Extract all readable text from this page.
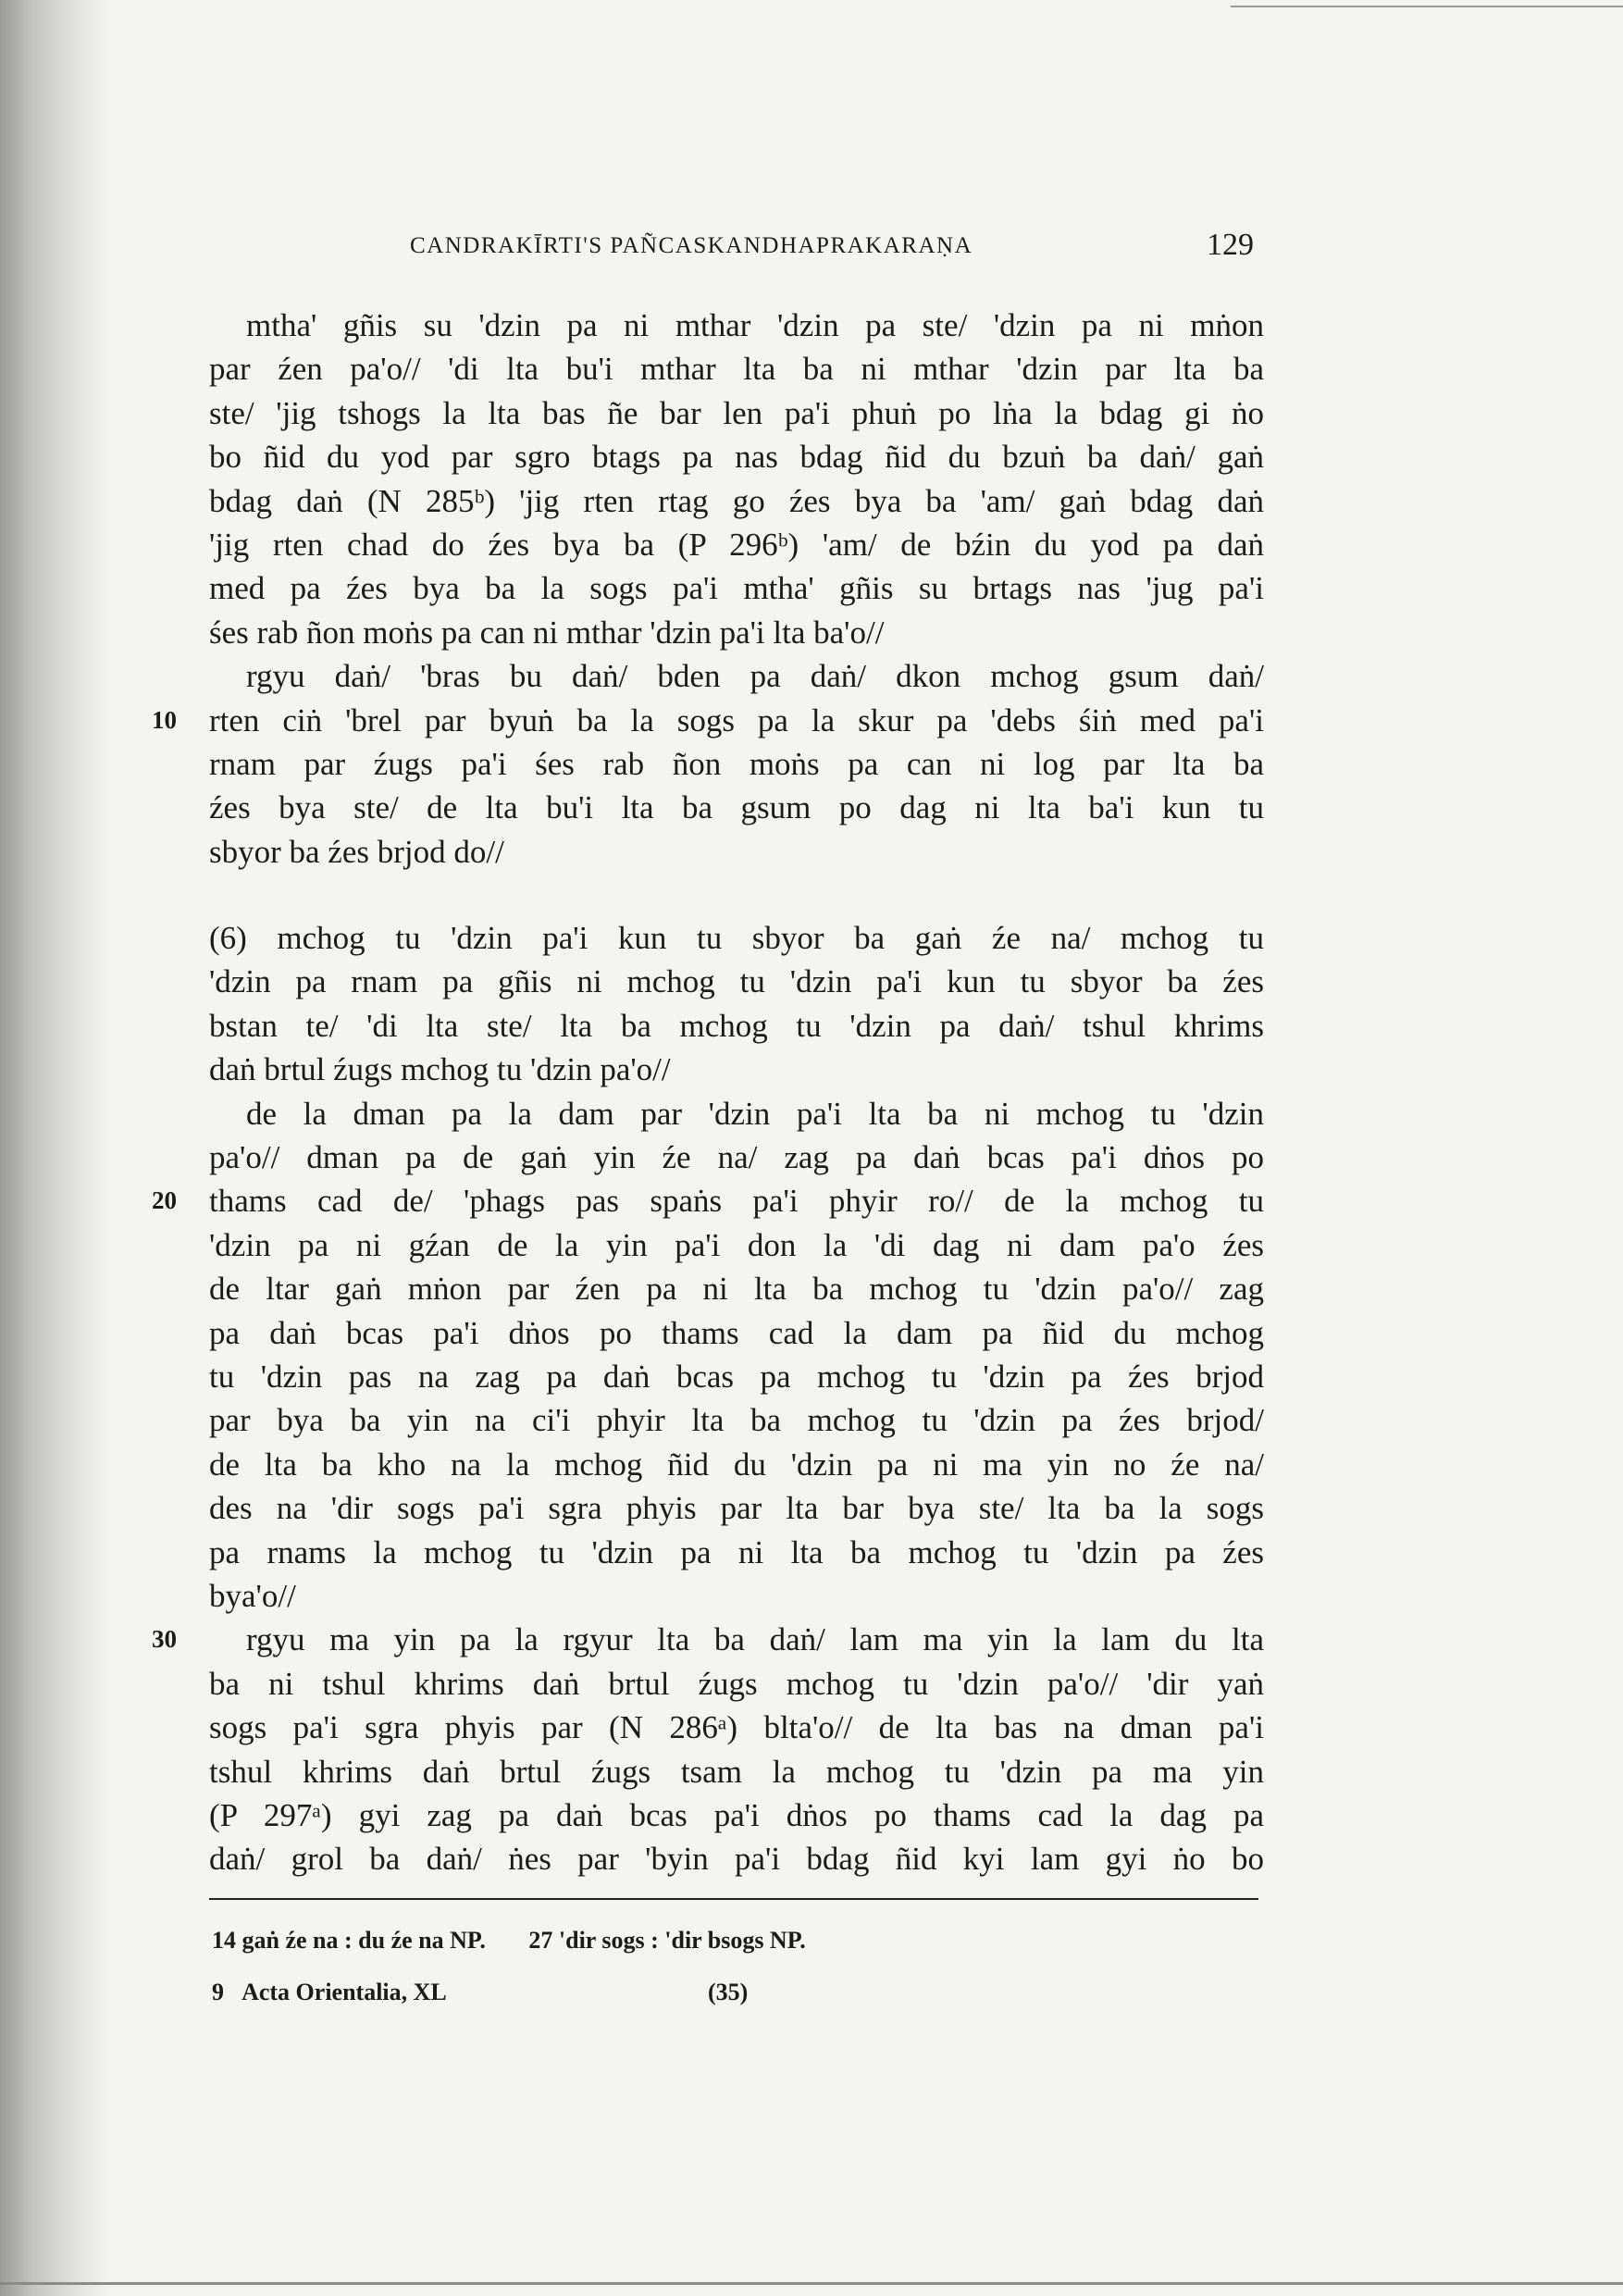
CANDRAKĪRTI'S PAÑCASKANDHAPRAKARAṆA	129
mtha' gñis su 'dzin pa ni mthar 'dzin pa ste/ 'dzin pa ni mṅon
par źen pa'o// 'di lta bu'i mthar lta ba ni mthar 'dzin par lta ba
ste/ 'jig tshogs la lta bas ñe bar len pa'i phuṅ po lṅa la bdag gi ṅo
bo ñid du yod par sgro btags pa nas bdag ñid du bzuṅ ba daṅ/ gaṅ
bdag daṅ (N 285ᵇ) 'jig rten rtag go źes bya ba 'am/ gaṅ bdag daṅ
'jig rten chad do źes bya ba (P 296ᵇ) 'am/ de bźin du yod pa daṅ
med pa źes bya ba la sogs pa'i mtha' gñis su brtags nas 'jug pa'i
śes rab ñon moṅs pa can ni mthar 'dzin pa'i lta ba'o//
rgyu daṅ/ 'bras bu daṅ/ bden pa daṅ/ dkon mchog gsum daṅ/
10 rten ciṅ 'brel par byuṅ ba la sogs pa la skur pa 'debs śiṅ med pa'i
rnam par źugs pa'i śes rab ñon moṅs pa can ni log par lta ba
źes bya ste/ de lta bu'i lta ba gsum po dag ni lta ba'i kun tu
sbyor ba źes brjod do//
(6) mchog tu 'dzin pa'i kun tu sbyor ba gaṅ źe na/ mchog tu
'dzin pa rnam pa gñis ni mchog tu 'dzin pa'i kun tu sbyor ba źes
bstan te/ 'di lta ste/ lta ba mchog tu 'dzin pa daṅ/ tshul khrims
daṅ brtul źugs mchog tu 'dzin pa'o//
de la dman pa la dam par 'dzin pa'i lta ba ni mchog tu 'dzin
pa'o// dman pa de gaṅ yin źe na/ zag pa daṅ bcas pa'i dṅos po
20 thams cad de/ 'phags pas spaṅs pa'i phyir ro// de la mchog tu
'dzin pa ni gźan de la yin pa'i don la 'di dag ni dam pa'o źes
de ltar gaṅ mṅon par źen pa ni lta ba mchog tu 'dzin pa'o// zag
pa daṅ bcas pa'i dṅos po thams cad la dam pa ñid du mchog
tu 'dzin pas na zag pa daṅ bcas pa mchog tu 'dzin pa źes brjod
par bya ba yin na ci'i phyir lta ba mchog tu 'dzin pa źes brjod/
de lta ba kho na la mchog ñid du 'dzin pa ni ma yin no źe na/
des na 'dir sogs pa'i sgra phyis par lta bar bya ste/ lta ba la sogs
pa rnams la mchog tu 'dzin pa ni lta ba mchog tu 'dzin pa źes
bya'o//
30	rgyu ma yin pa la rgyur lta ba daṅ/ lam ma yin la lam du lta
ba ni tshul khrims daṅ brtul źugs mchog tu 'dzin pa'o// 'dir yaṅ
sogs pa'i sgra phyis par (N 286ᵃ) blta'o// de lta bas na dman pa'i
tshul khrims daṅ brtul źugs tsam la mchog tu 'dzin pa ma yin
(P 297ᵃ) gyi zag pa daṅ bcas pa'i dṅos po thams cad la dag pa
daṅ/ grol ba daṅ/ ṅes par 'byin pa'i bdag ñid kyi lam gyi ṅo bo
14 gaṅ źe na : du źe na NP. 27 'dir sogs : 'dir bsogs NP.
9 Acta Orientalia, XL	(35)
